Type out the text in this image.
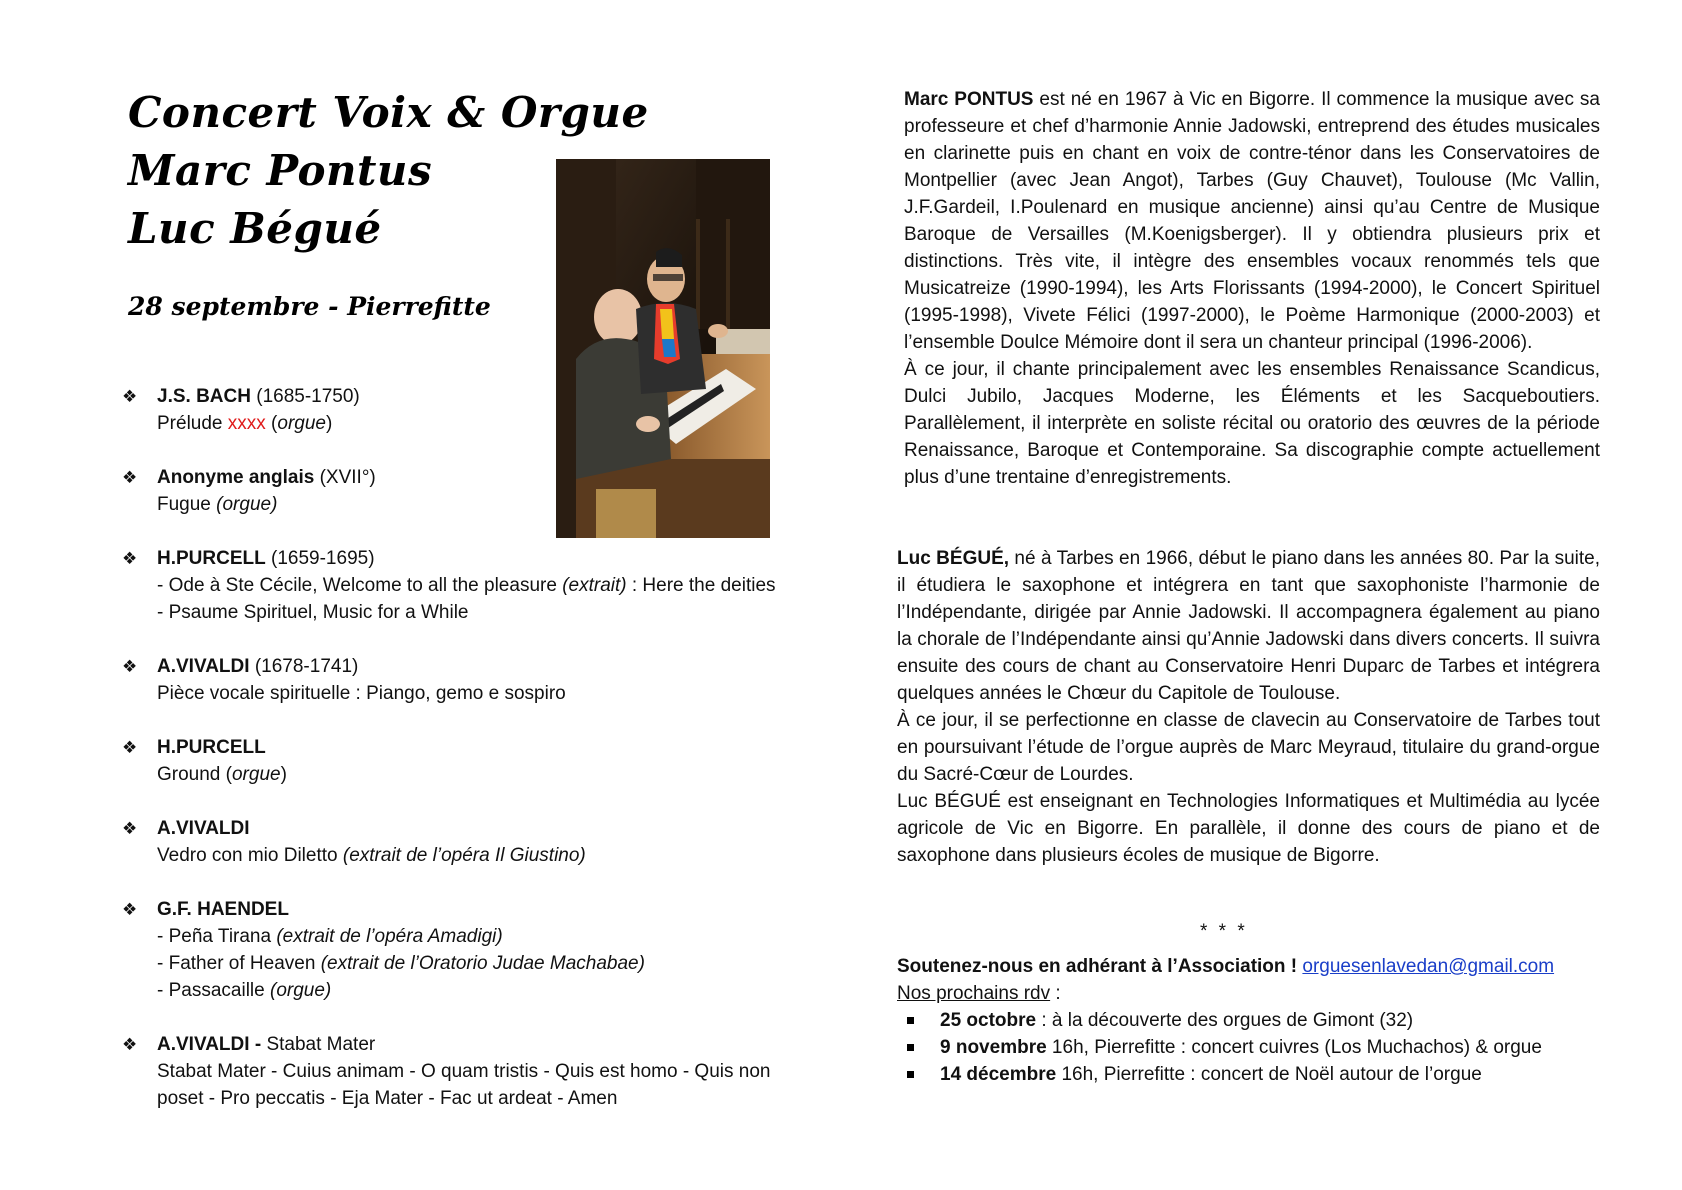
Concert Voix & Orgue
Marc Pontus
Luc Bégué
28 septembre - Pierrefitte
❖ J.S. BACH (1685-1750)
Prélude xxxx (orgue)
❖ Anonyme anglais (XVII°)
Fugue (orgue)
❖ H.PURCELL (1659-1695)
- Ode à Ste Cécile, Welcome to all the pleasure (extrait) : Here the deities
- Psaume Spirituel, Music for a While
❖ A.VIVALDI (1678-1741)
Pièce vocale spirituelle : Piango, gemo e sospiro
❖ H.PURCELL
Ground (orgue)
❖ A.VIVALDI
Vedro con mio Diletto (extrait de l’opéra Il Giustino)
❖ G.F. HAENDEL
- Peña Tirana (extrait de l’opéra Amadigi)
- Father of Heaven (extrait de l’Oratorio Judae Machabae)
- Passacaille (orgue)
❖ A.VIVALDI - Stabat Mater
Stabat Mater - Cuius animam - O quam tristis - Quis est homo - Quis non
poset - Pro peccatis - Eja Mater - Fac ut ardeat - Amen

Marc PONTUS est né en 1967 à Vic en Bigorre. Il commence la musique avec sa professeure et chef d’harmonie Annie Jadowski, entreprend des études musicales en clarinette puis en chant en voix de contre-ténor dans les Conservatoires de Montpellier (avec Jean Angot), Tarbes (Guy Chauvet), Toulouse (Mc Vallin, J.F.Gardeil, I.Poulenard en musique ancienne) ainsi qu’au Centre de Musique Baroque de Versailles (M.Koenigsberger). Il y obtiendra plusieurs prix et distinctions. Très vite, il intègre des ensembles vocaux renommés tels que Musicatreize (1990-1994), les Arts Florissants (1994-2000), le Concert Spirituel (1995-1998), Vivete Félici (1997-2000), le Poème Harmonique (2000-2003) et l’ensemble Doulce Mémoire dont il sera un chanteur principal (1996-2006).

À ce jour, il chante principalement avec les ensembles Renaissance Scandicus, Dulci Jubilo, Jacques Moderne, les Éléments et les Sacqueboutiers. Parallèlement, il interprète en soliste récital ou oratorio des œuvres de la période Renaissance, Baroque et Contemporaine. Sa discographie compte actuellement plus d’une trentaine d’enregistrements.

Luc BÉGUÉ, né à Tarbes en 1966, début le piano dans les années 80. Par la suite, il étudiera le saxophone et intégrera en tant que saxophoniste l’harmonie de l’Indépendante, dirigée par Annie Jadowski. Il accompagnera également au piano la chorale de l’Indépendante ainsi qu’Annie Jadowski dans divers concerts. Il suivra ensuite des cours de chant au Conservatoire Henri Duparc de Tarbes et intégrera quelques années le Chœur du Capitole de Toulouse.

À ce jour, il se perfectionne en classe de clavecin au Conservatoire de Tarbes tout en poursuivant l’étude de l’orgue auprès de Marc Meyraud, titulaire du grand-orgue du Sacré-Cœur de Lourdes.

Luc BÉGUÉ est enseignant en Technologies Informatiques et Multimédia au lycée agricole de Vic en Bigorre. En parallèle, il donne des cours de piano et de saxophone dans plusieurs écoles de musique de Bigorre.

* * *
Soutenez-nous en adhérant à l’Association ! orguesenlavedan@gmail.com
Nos prochains rdv :
25 octobre : à la découverte des orgues de Gimont (32)
9 novembre 16h, Pierrefitte : concert cuivres (Los Muchachos) & orgue
14 décembre 16h, Pierrefitte : concert de Noël autour de l’orgue
